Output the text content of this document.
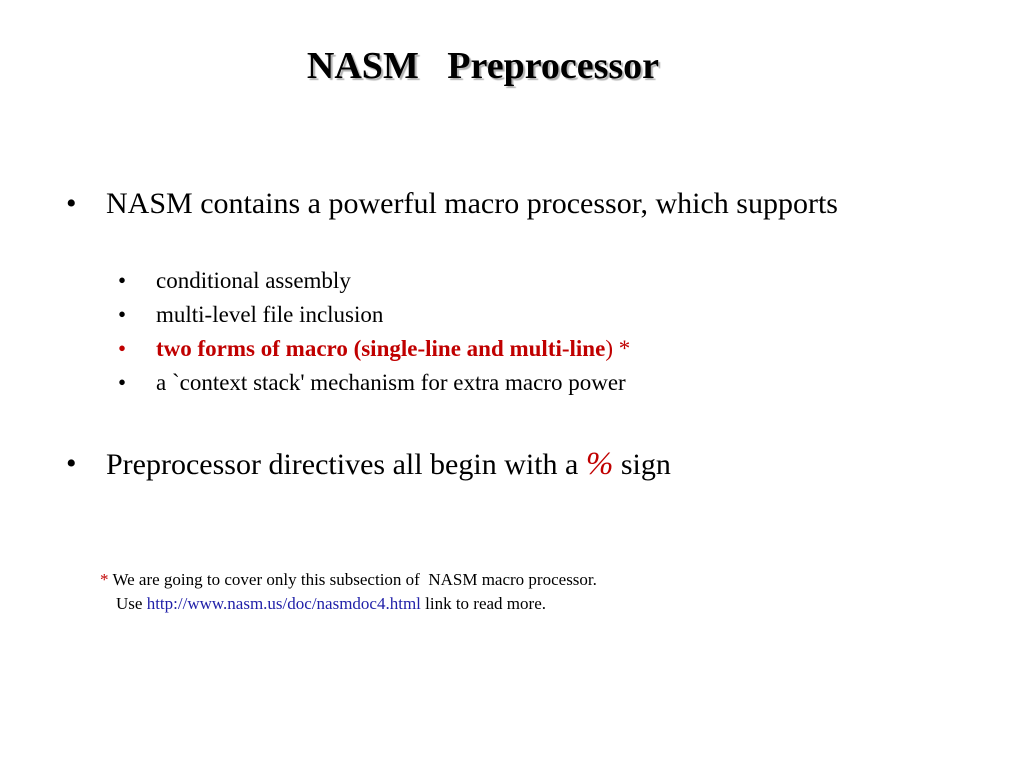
NASM   Preprocessor
• NASM contains a powerful macro processor, which supports
• conditional assembly
• multi-level file inclusion
• two forms of macro (single-line and multi-line) *
• a `context stack' mechanism for extra macro power
• Preprocessor directives all begin with a % sign
* We are going to cover only this subsection of  NASM macro processor.
Use http://www.nasm.us/doc/nasmdoc4.html link to read more.
